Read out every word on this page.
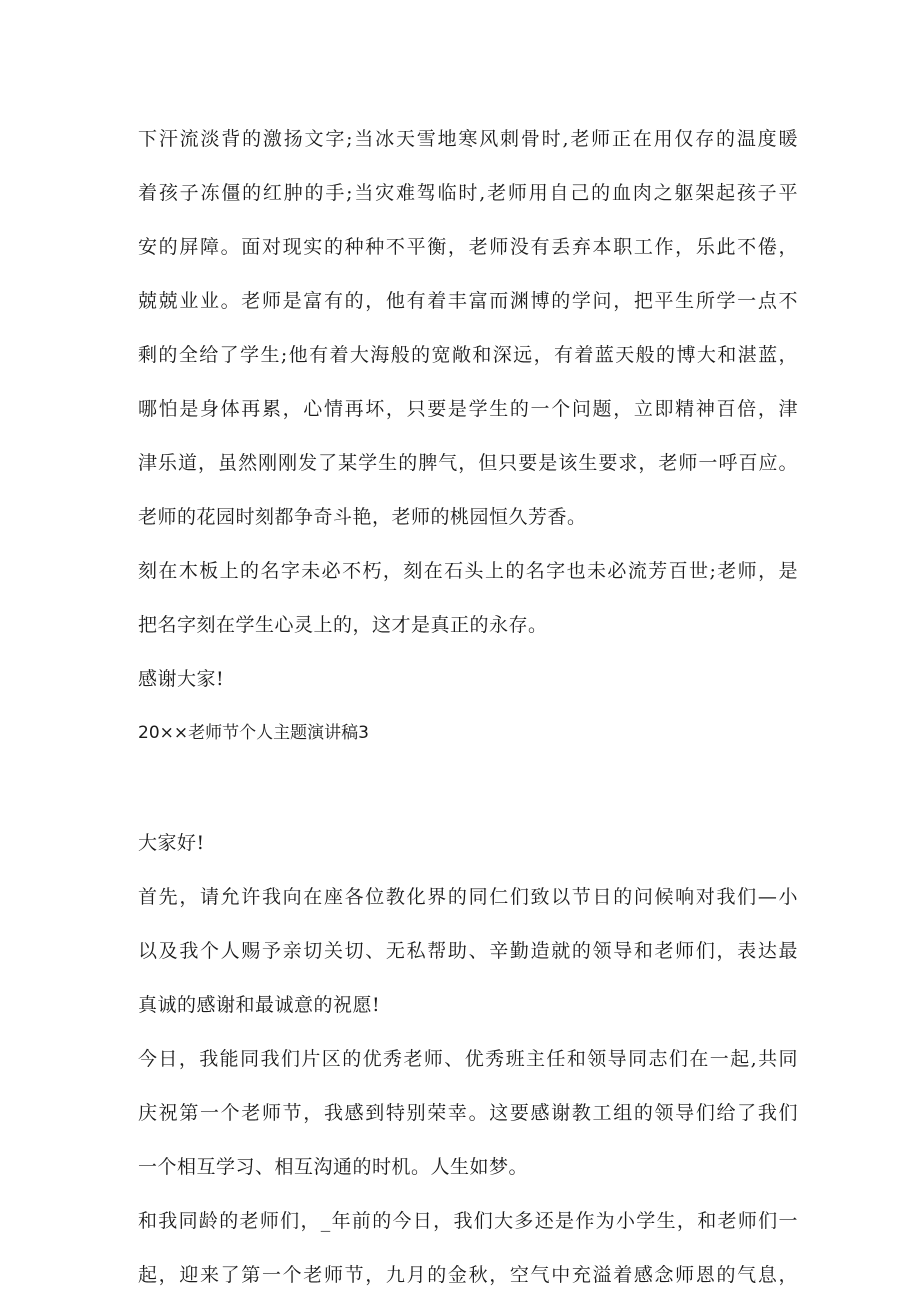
下汗流淡背的激扬文字;当冰天雪地寒风刺骨时,老师正在用仅存的温度暖
着孩子冻僵的红肿的手;当灾难驾临时,老师用自己的血肉之躯架起孩子平
安的屏障。面对现实的种种不平衡，老师没有丢弃本职工作，乐此不倦，
兢兢业业。老师是富有的，他有着丰富而渊博的学问，把平生所学一点不
剩的全给了学生;他有着大海般的宽敞和深远，有着蓝天般的博大和湛蓝，
哪怕是身体再累，心情再坏，只要是学生的一个问题，立即精神百倍，津
津乐道，虽然刚刚发了某学生的脾气，但只要是该生要求，老师一呼百应。
老师的花园时刻都争奇斗艳，老师的桃园恒久芳香。
刻在木板上的名字未必不朽，刻在石头上的名字也未必流芳百世;老师，是
把名字刻在学生心灵上的，这才是真正的永存。
感谢大家!
20××老师节个人主题演讲稿3
大家好!
首先，请允许我向在座各位教化界的同仁们致以节日的问候响对我们—小
以及我个人赐予亲切关切、无私帮助、辛勤造就的领导和老师们，表达最
真诚的感谢和最诚意的祝愿!
今日，我能同我们片区的优秀老师、优秀班主任和领导同志们在一起,共同
庆祝第一个老师节，我感到特别荣幸。这要感谢教工组的领导们给了我们
一个相互学习、相互沟通的时机。人生如梦。
和我同龄的老师们，_年前的今日，我们大多还是作为小学生，和老师们一
起，迎来了第一个老师节，九月的金秋，空气中充溢着感念师恩的气息，
